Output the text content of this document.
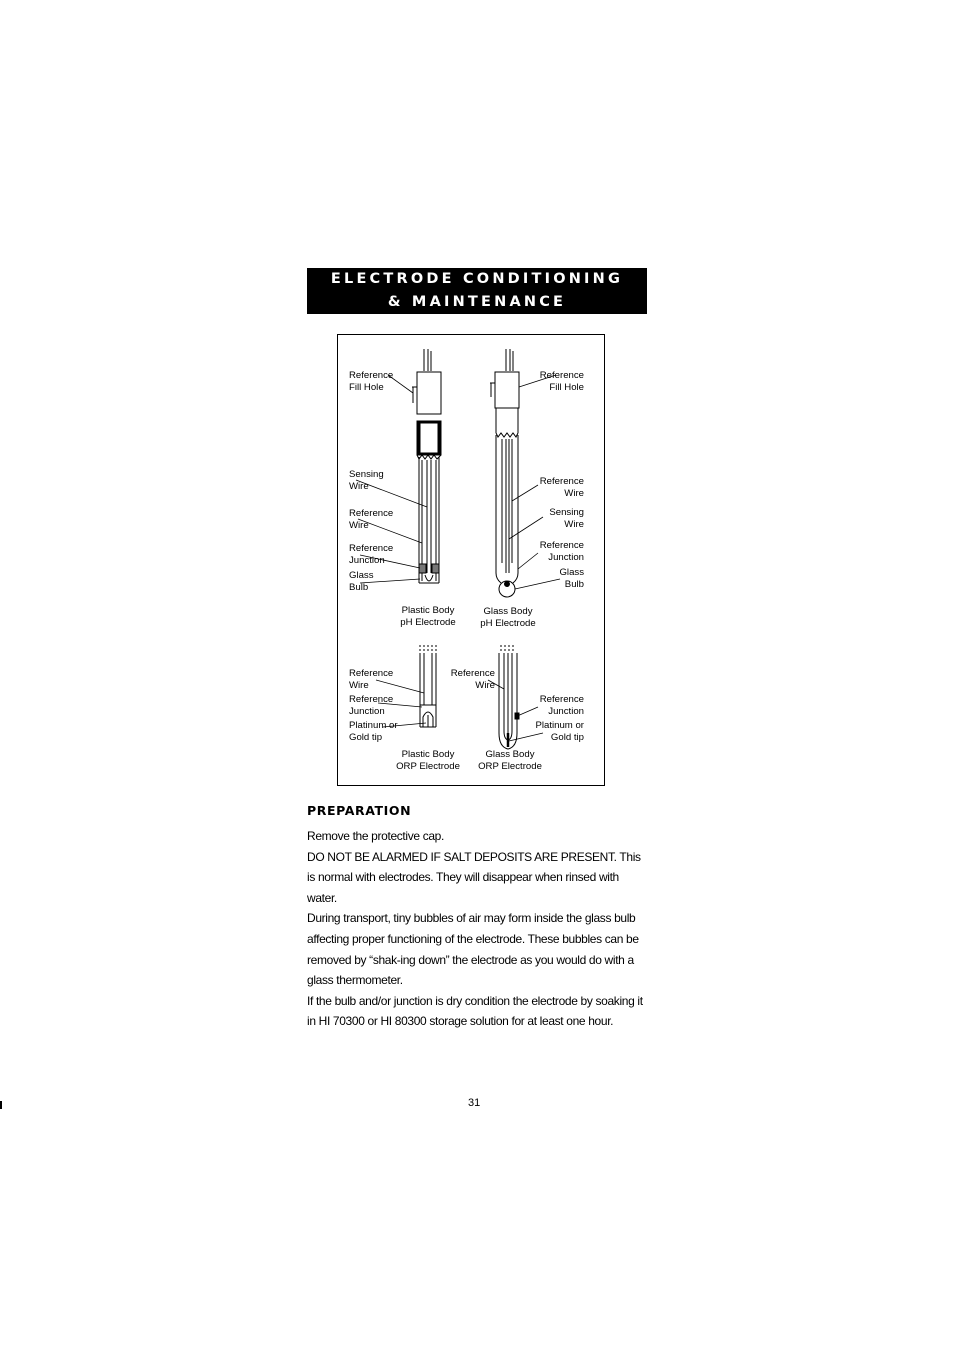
ELECTRODE CONDITIONING
& MAINTENANCE
Reference
Fill Hole
Sensing
Wire
Reference
Wire
Reference
Junction
Glass
Bulb
Plastic Body
pH Electrode
Reference
Fill Hole
Reference
Wire
Sensing
Wire
Reference
Junction
Glass
Bulb
Glass Body
pH Electrode
Reference
Wire
Reference
Junction
Platinum or
Gold tip
Plastic Body
ORP Electrode
Reference
Wire
Reference
Junction
Platinum or
Gold tip
Glass Body
ORP Electrode
PREPARATION

Remove the protective cap.

DO NOT BE ALARMED IF SALT DEPOSITS ARE PRESENT. This is normal with electrodes. They will disappear when rinsed with water.

During transport, tiny bubbles of air may form inside the glass bulb affecting proper functioning of the electrode. These bubbles can be removed by “shak-ing down” the electrode as you would do with a glass thermometer.

If the bulb and/or junction is dry condition the electrode by soaking it in HI 70300 or HI 80300 storage solution for at least one hour.

31
